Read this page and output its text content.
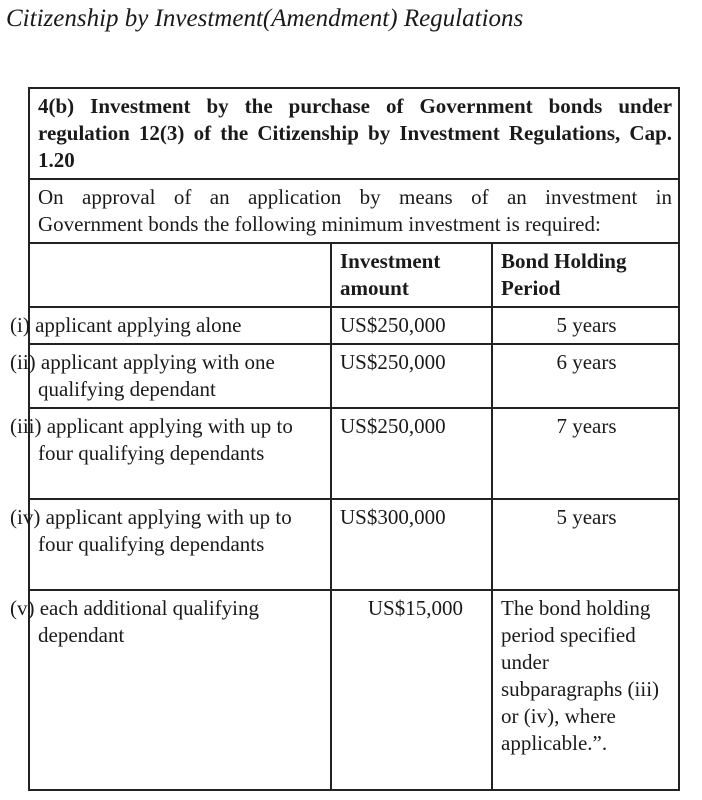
Citizenship by Investment(Amendment) Regulations
4(b) Investment by the purchase of Government bonds under regulation 12(3) of the Citizenship by Investment Regulations, Cap. 1.20		

On approval of an application by means of an investment in
Government bonds the following minimum investment is required:		

	Investment amount	Bond Holding Period
(i) applicant applying alone	US$250,000	5 years
(ii) applicant applying with one qualifying dependant	US$250,000	6 years
(iii) applicant applying with up to four qualifying dependants	US$250,000	7 years
(iv) applicant applying with up to four qualifying dependants	US$300,000	5 years
(v) each additional qualifying dependant	US$15,000	The bond holding period specified under subparagraphs (iii) or (iv), where applicable.”.
